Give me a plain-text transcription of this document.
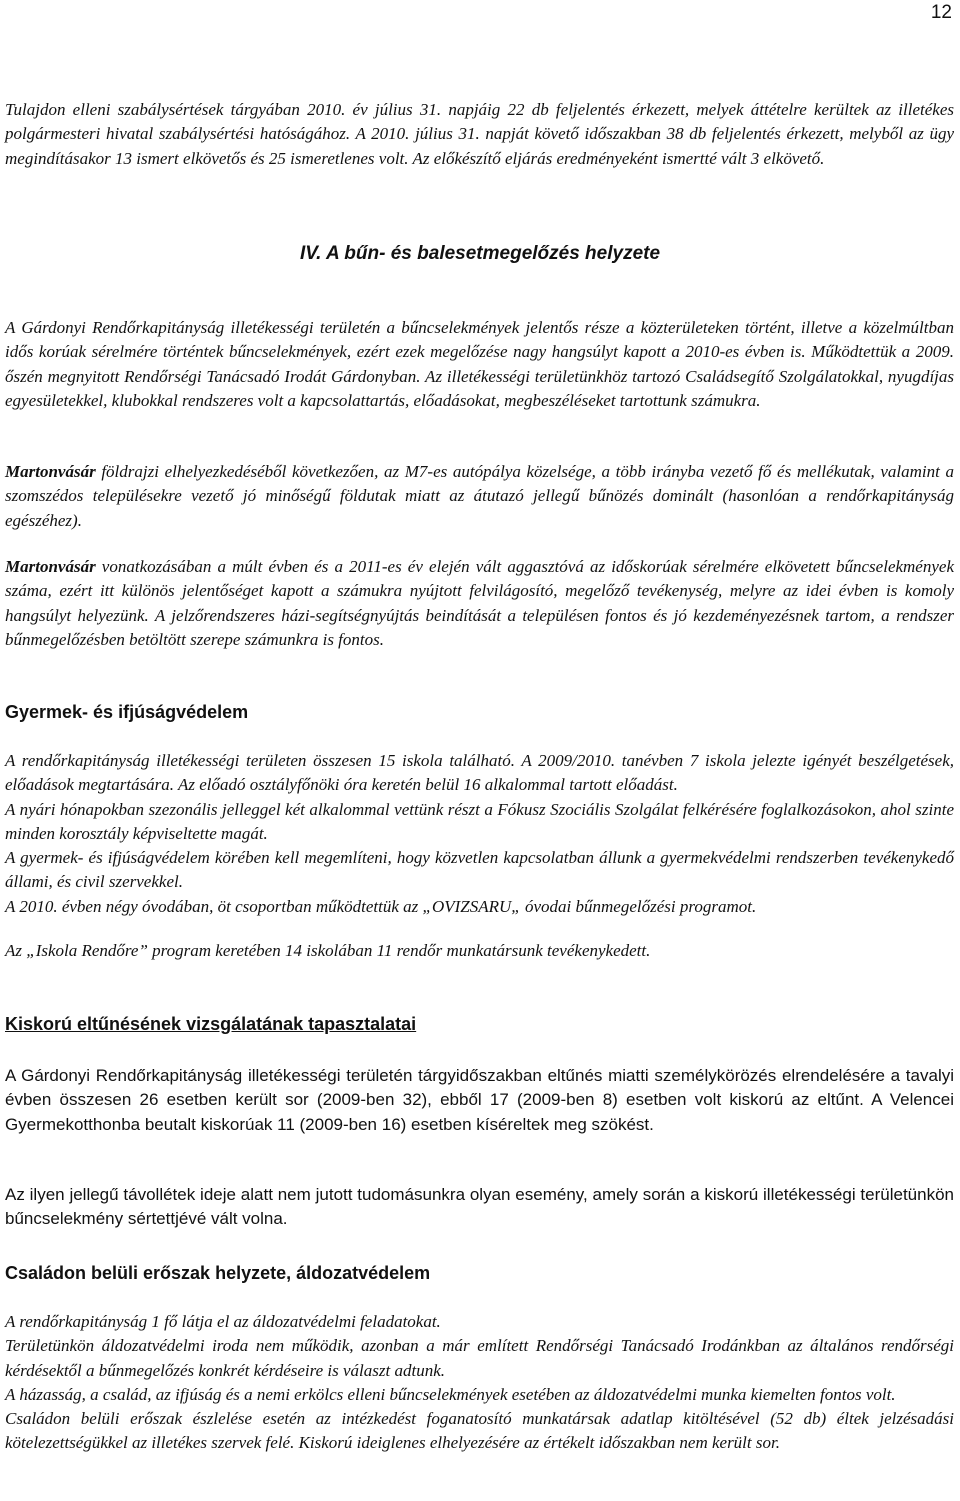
12

Tulajdon elleni szabálysértések tárgyában 2010. év július 31. napjáig 22 db feljelentés érkezett, melyek áttételre kerültek az illetékes polgármesteri hivatal szabálysértési hatóságához. A 2010. július 31. napját követő időszakban 38 db feljelentés érkezett, melyből az ügy megindításakor 13 ismert elkövetős és 25 ismeretlenes volt. Az előkészítő eljárás eredményeként ismertté vált 3 elkövető.

IV. A bűn- és balesetmegelőzés helyzete

A Gárdonyi Rendőrkapitányság illetékességi területén a bűncselekmények jelentős része a közterületeken történt, illetve a közelmúltban idős korúak sérelmére történtek bűncselekmények, ezért ezek megelőzése nagy hangsúlyt kapott a 2010-es évben is. Működtettük a 2009. őszén megnyitott Rendőrségi Tanácsadó Irodát Gárdonyban. Az illetékességi területünkhöz tartozó Családsegítő Szolgálatokkal, nyugdíjas egyesületekkel, klubokkal rendszeres volt a kapcsolattartás, előadásokat, megbeszéléseket tartottunk számukra.

Martonvásár földrajzi elhelyezkedéséből következően, az M7-es autópálya közelsége, a több irányba vezető fő és mellékutak, valamint a szomszédos településekre vezető jó minőségű földutak miatt az átutazó jellegű bűnözés dominált (hasonlóan a rendőrkapitányság egészéhez).

Martonvásár vonatkozásában a múlt évben és a 2011-es év elején vált aggasztóvá az időskorúak sérelmére elkövetett bűncselekmények száma, ezért itt különös jelentőséget kapott a számukra nyújtott felvilágosító, megelőző tevékenység, melyre az idei évben is komoly hangsúlyt helyezünk. A jelzőrendszeres házi-segítségnyújtás beindítását a településen fontos és jó kezdeményezésnek tartom, a rendszer bűnmegelőzésben betöltött szerepe számunkra is fontos.

Gyermek- és ifjúságvédelem

A rendőrkapitányság illetékességi területen összesen 15 iskola található. A 2009/2010. tanévben 7 iskola jelezte igényét beszélgetések, előadások megtartására. Az előadó osztályfőnöki óra keretén belül 16 alkalommal tartott előadást.

A nyári hónapokban szezonális jelleggel két alkalommal vettünk részt a Fókusz Szociális Szolgálat felkérésére foglalkozásokon, ahol szinte minden korosztály képviseltette magát.

A gyermek- és ifjúságvédelem körében kell megemlíteni, hogy közvetlen kapcsolatban állunk a gyermekvédelmi rendszerben tevékenykedő állami, és civil szervekkel.

A 2010. évben négy óvodában, öt csoportban működtettük az „OVIZSARU„ óvodai bűnmegelőzési programot.

Az „Iskola Rendőre” program keretében 14 iskolában 11 rendőr munkatársunk tevékenykedett.

Kiskorú eltűnésének vizsgálatának tapasztalatai

A Gárdonyi Rendőrkapitányság illetékességi területén tárgyidőszakban eltűnés miatti személykörözés elrendelésére a tavalyi évben összesen 26 esetben került sor (2009-ben 32), ebből 17 (2009-ben 8) esetben volt kiskorú az eltűnt. A Velencei Gyermekotthonba beutalt kiskorúak 11 (2009-ben 16) esetben kíséreltek meg szökést.

Az ilyen jellegű távollétek ideje alatt nem jutott tudomásunkra olyan esemény, amely során a kiskorú illetékességi területünkön bűncselekmény sértettjévé vált volna.

Családon belüli erőszak helyzete, áldozatvédelem

A rendőrkapitányság 1 fő látja el az áldozatvédelmi feladatokat.

Területünkön áldozatvédelmi iroda nem működik, azonban a már említett Rendőrségi Tanácsadó Irodánkban az általános rendőrségi kérdésektől a bűnmegelőzés konkrét kérdéseire is választ adtunk.

A házasság, a család, az ifjúság és a nemi erkölcs elleni bűncselekmények esetében az áldozatvédelmi munka kiemelten fontos volt.

Családon belüli erőszak észlelése esetén az intézkedést foganatosító munkatársak adatlap kitöltésével (52 db) éltek jelzésadási kötelezettségükkel az illetékes szervek felé. Kiskorú ideiglenes elhelyezésére az értékelt időszakban nem került sor.
